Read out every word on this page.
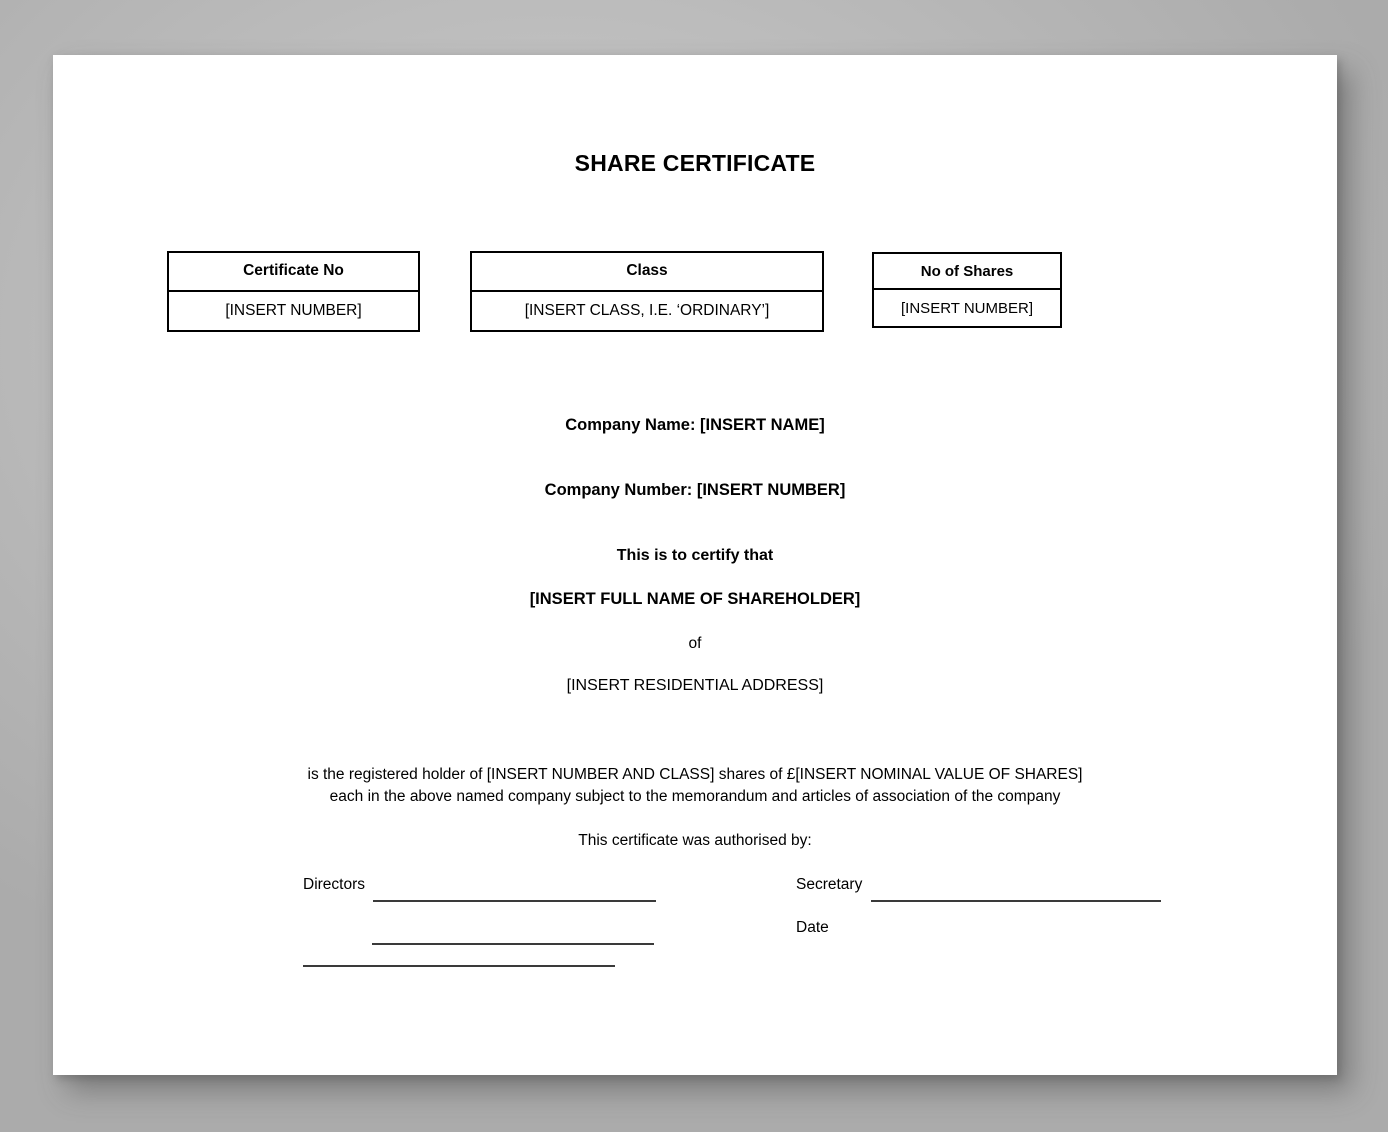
SHARE CERTIFICATE
Certificate No
[INSERT NUMBER]
Class
[INSERT CLASS, I.E. ‘ORDINARY’]
No of Shares
[INSERT NUMBER]
Company Name: [INSERT NAME]
Company Number: [INSERT NUMBER]
This is to certify that
[INSERT FULL NAME OF SHAREHOLDER]
of
[INSERT RESIDENTIAL ADDRESS]
is the registered holder of [INSERT NUMBER AND CLASS] shares of £[INSERT NOMINAL VALUE OF SHARES]
each in the above named company subject to the memorandum and articles of association of the company
This certificate was authorised by:
Directors	Secretary
Date
